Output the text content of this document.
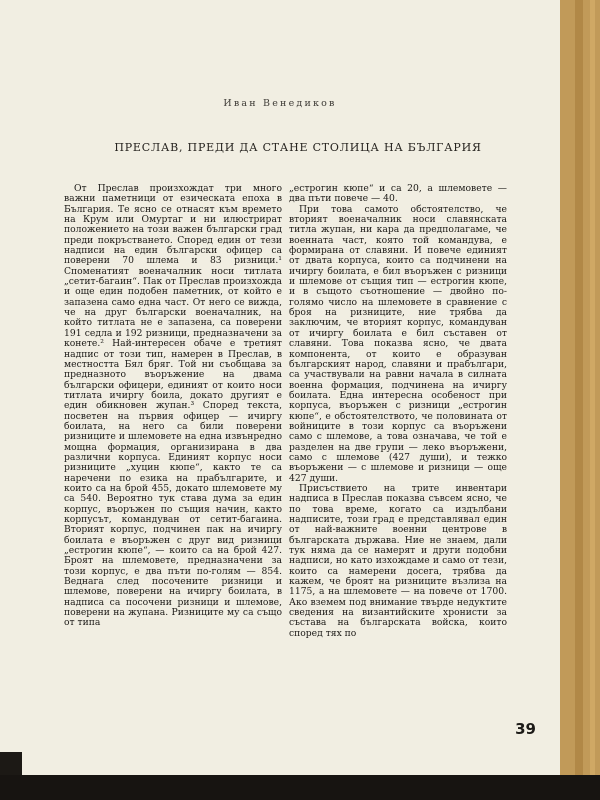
Иван Венедиков
ПРЕСЛАВ, ПРЕДИ ДА СТАНЕ СТОЛИЦА НА БЪЛГАРИЯ

От Преслав произхождат три много важни паметници от езическата епоха в България. Те ясно се отнасят към времето на Крум или Омуртаг и ни илюстрират положението на този важен български град преди покръстването. Според един от тези надписи на един български офицер са поверени 70 шлема и 83 ризници.¹ Споменатият военачалник носи титлата „сетит-багаин“. Пак от Преслав произхожда и още един подобен паметник, от който е запазена само една част. От него се вижда, че на друг български военачалник, на който титлата не е запазена, са поверени 191 седла и 192 ризници, предназначени за конете.² Най-интересен обаче е третият надпис от този тип, намерен в Преслав, в местността Бял бряг. Той ни съобщава за предназното въоръжение на двама български офицери, единият от които носи титлата ичиргу боила, докато другият е един обикновен жупан.³ Според текста, посветен на първия офицер — ичиргу боилата, на него са били поверени ризниците и шлемовете на една извънредно мощна формация, организирана в два различни корпуса. Единият корпус носи ризниците „хуцин кюпе“, както те са наречени по езика на прабългарите, и които са на брой 455, докато шлемовете му са 540. Вероятно тук става дума за един корпус, въоръжен по същия начин, както корпусът, командуван от сетит-багаина. Вторият корпус, подчинен пак на ичиргу боилата е въоръжен с друг вид ризници „естрогин кюпе“, — които са на брой 427. Броят на шлемовете, предназначени за този корпус, е два пъти по-голям — 854. Веднага след посочените ризници и шлемове, поверени на ичиргу боилата, в надписа са посочени ризници и шлемове, поверени на жупана. Ризниците му са също от типа

„естрогин кюпе“ и са 20, а шлемовете — два пъти повече — 40.

При това самото обстоятелство, че вторият военачалник носи славянската титла жупан, ни кара да предполагаме, че военната част, която той командува, е формирана от славяни. И повече единият от двата корпуса, които са подчинени на ичиргу боилата, е бил въоръжен с ризници и шлемове от същия тип — естрогин кюпе, и в същото съотношение — двойно по-голямо число на шлемовете в сравнение с броя на ризниците, ние трябва да заключим, че вторият корпус, командуван от ичиргу боилата е бил съставен от славяни. Това показва ясно, че двата компонента, от които е образуван българският народ, славяни и прабългари, са участвували на равни начала в силната военна формация, подчинена на ичиргу боилата. Една интересна особеност при корпуса, въоръжен с ризници „естрогин кюпе“, е обстоятелството, че половината от войниците в този корпус са въоръжени само с шлемове, а това означава, че той е разделен на две групи — леко въоръжени, само с шлемове (427 души), и тежко въоръжени — с шлемове и ризници — още 427 души.

Присъствието на трите инвентари надписа в Преслав показва съвсем ясно, че по това време, когато са издълбани надписите, този град е представлявал един от най-важните военни центрове в българската държава. Ние не знаем, дали тук няма да се намерят и други подобни надписи, но като изхождаме и само от тези, които са намерени досега, трябва да кажем, че броят на ризниците възлиза на 1175, а на шлемовете — на повече от 1700. Ако вземем под внимание твърде недуктите сведения на византийските хронисти за състава на българската войска, които според тях по

39
